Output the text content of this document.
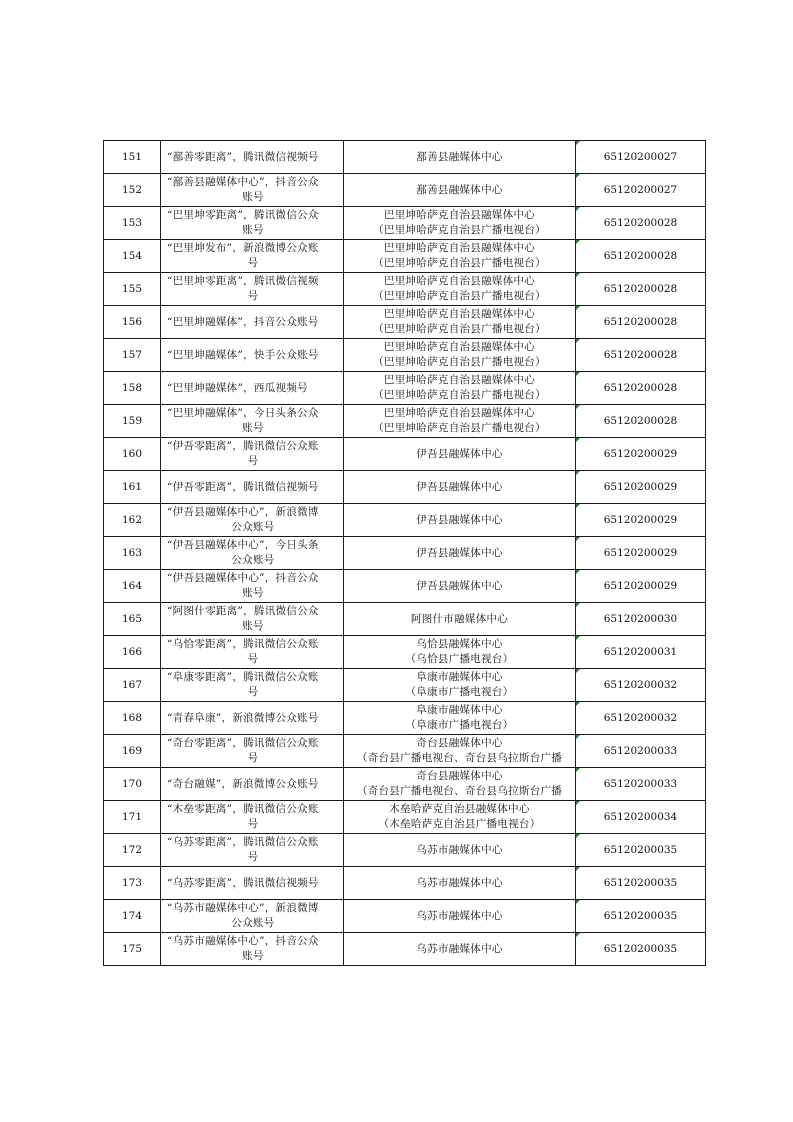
151	“鄯善零距离”，腾讯微信视频号	鄯善县融媒体中心	65120200027
152	“鄯善县融媒体中心”，抖音公众
账号	鄯善县融媒体中心	65120200027
153	“巴里坤零距离”，腾讯微信公众
账号	巴里坤哈萨克自治县融媒体中心
（巴里坤哈萨克自治县广播电视台）	65120200028
154	“巴里坤发布”，新浪微博公众账
号	巴里坤哈萨克自治县融媒体中心
（巴里坤哈萨克自治县广播电视台）	65120200028
155	“巴里坤零距离”，腾讯微信视频
号	巴里坤哈萨克自治县融媒体中心
（巴里坤哈萨克自治县广播电视台）	65120200028
156	“巴里坤融媒体”，抖音公众账号	巴里坤哈萨克自治县融媒体中心
（巴里坤哈萨克自治县广播电视台）	65120200028
157	“巴里坤融媒体”，快手公众账号	巴里坤哈萨克自治县融媒体中心
（巴里坤哈萨克自治县广播电视台）	65120200028
158	“巴里坤融媒体”，西瓜视频号	巴里坤哈萨克自治县融媒体中心
（巴里坤哈萨克自治县广播电视台）	65120200028
159	“巴里坤融媒体”，今日头条公众
账号	巴里坤哈萨克自治县融媒体中心
（巴里坤哈萨克自治县广播电视台）	65120200028
160	“伊吾零距离”，腾讯微信公众账
号	伊吾县融媒体中心	65120200029
161	“伊吾零距离”，腾讯微信视频号	伊吾县融媒体中心	65120200029
162	“伊吾县融媒体中心”，新浪微博
公众账号	伊吾县融媒体中心	65120200029
163	“伊吾县融媒体中心”，今日头条
公众账号	伊吾县融媒体中心	65120200029
164	“伊吾县融媒体中心”，抖音公众
账号	伊吾县融媒体中心	65120200029
165	“阿图什零距离”，腾讯微信公众
账号	阿图什市融媒体中心	65120200030
166	“乌恰零距离”，腾讯微信公众账
号	乌恰县融媒体中心
（乌恰县广播电视台）	65120200031
167	“阜康零距离”，腾讯微信公众账
号	阜康市融媒体中心
（阜康市广播电视台）	65120200032
168	“青春阜康”，新浪微博公众账号	阜康市融媒体中心
（阜康市广播电视台）	65120200032
169	“奇台零距离”，腾讯微信公众账
号	奇台县融媒体中心
（奇台县广播电视台、奇台县乌拉斯台广播	65120200033
170	“奇台融媒”，新浪微博公众账号	奇台县融媒体中心
（奇台县广播电视台、奇台县乌拉斯台广播	65120200033
171	“木垒零距离”，腾讯微信公众账
号	木垒哈萨克自治县融媒体中心
（木垒哈萨克自治县广播电视台）	65120200034
172	“乌苏零距离”，腾讯微信公众账
号	乌苏市融媒体中心	65120200035
173	“乌苏零距离”，腾讯微信视频号	乌苏市融媒体中心	65120200035
174	“乌苏市融媒体中心”，新浪微博
公众账号	乌苏市融媒体中心	65120200035
175	“乌苏市融媒体中心”，抖音公众
账号	乌苏市融媒体中心	65120200035
